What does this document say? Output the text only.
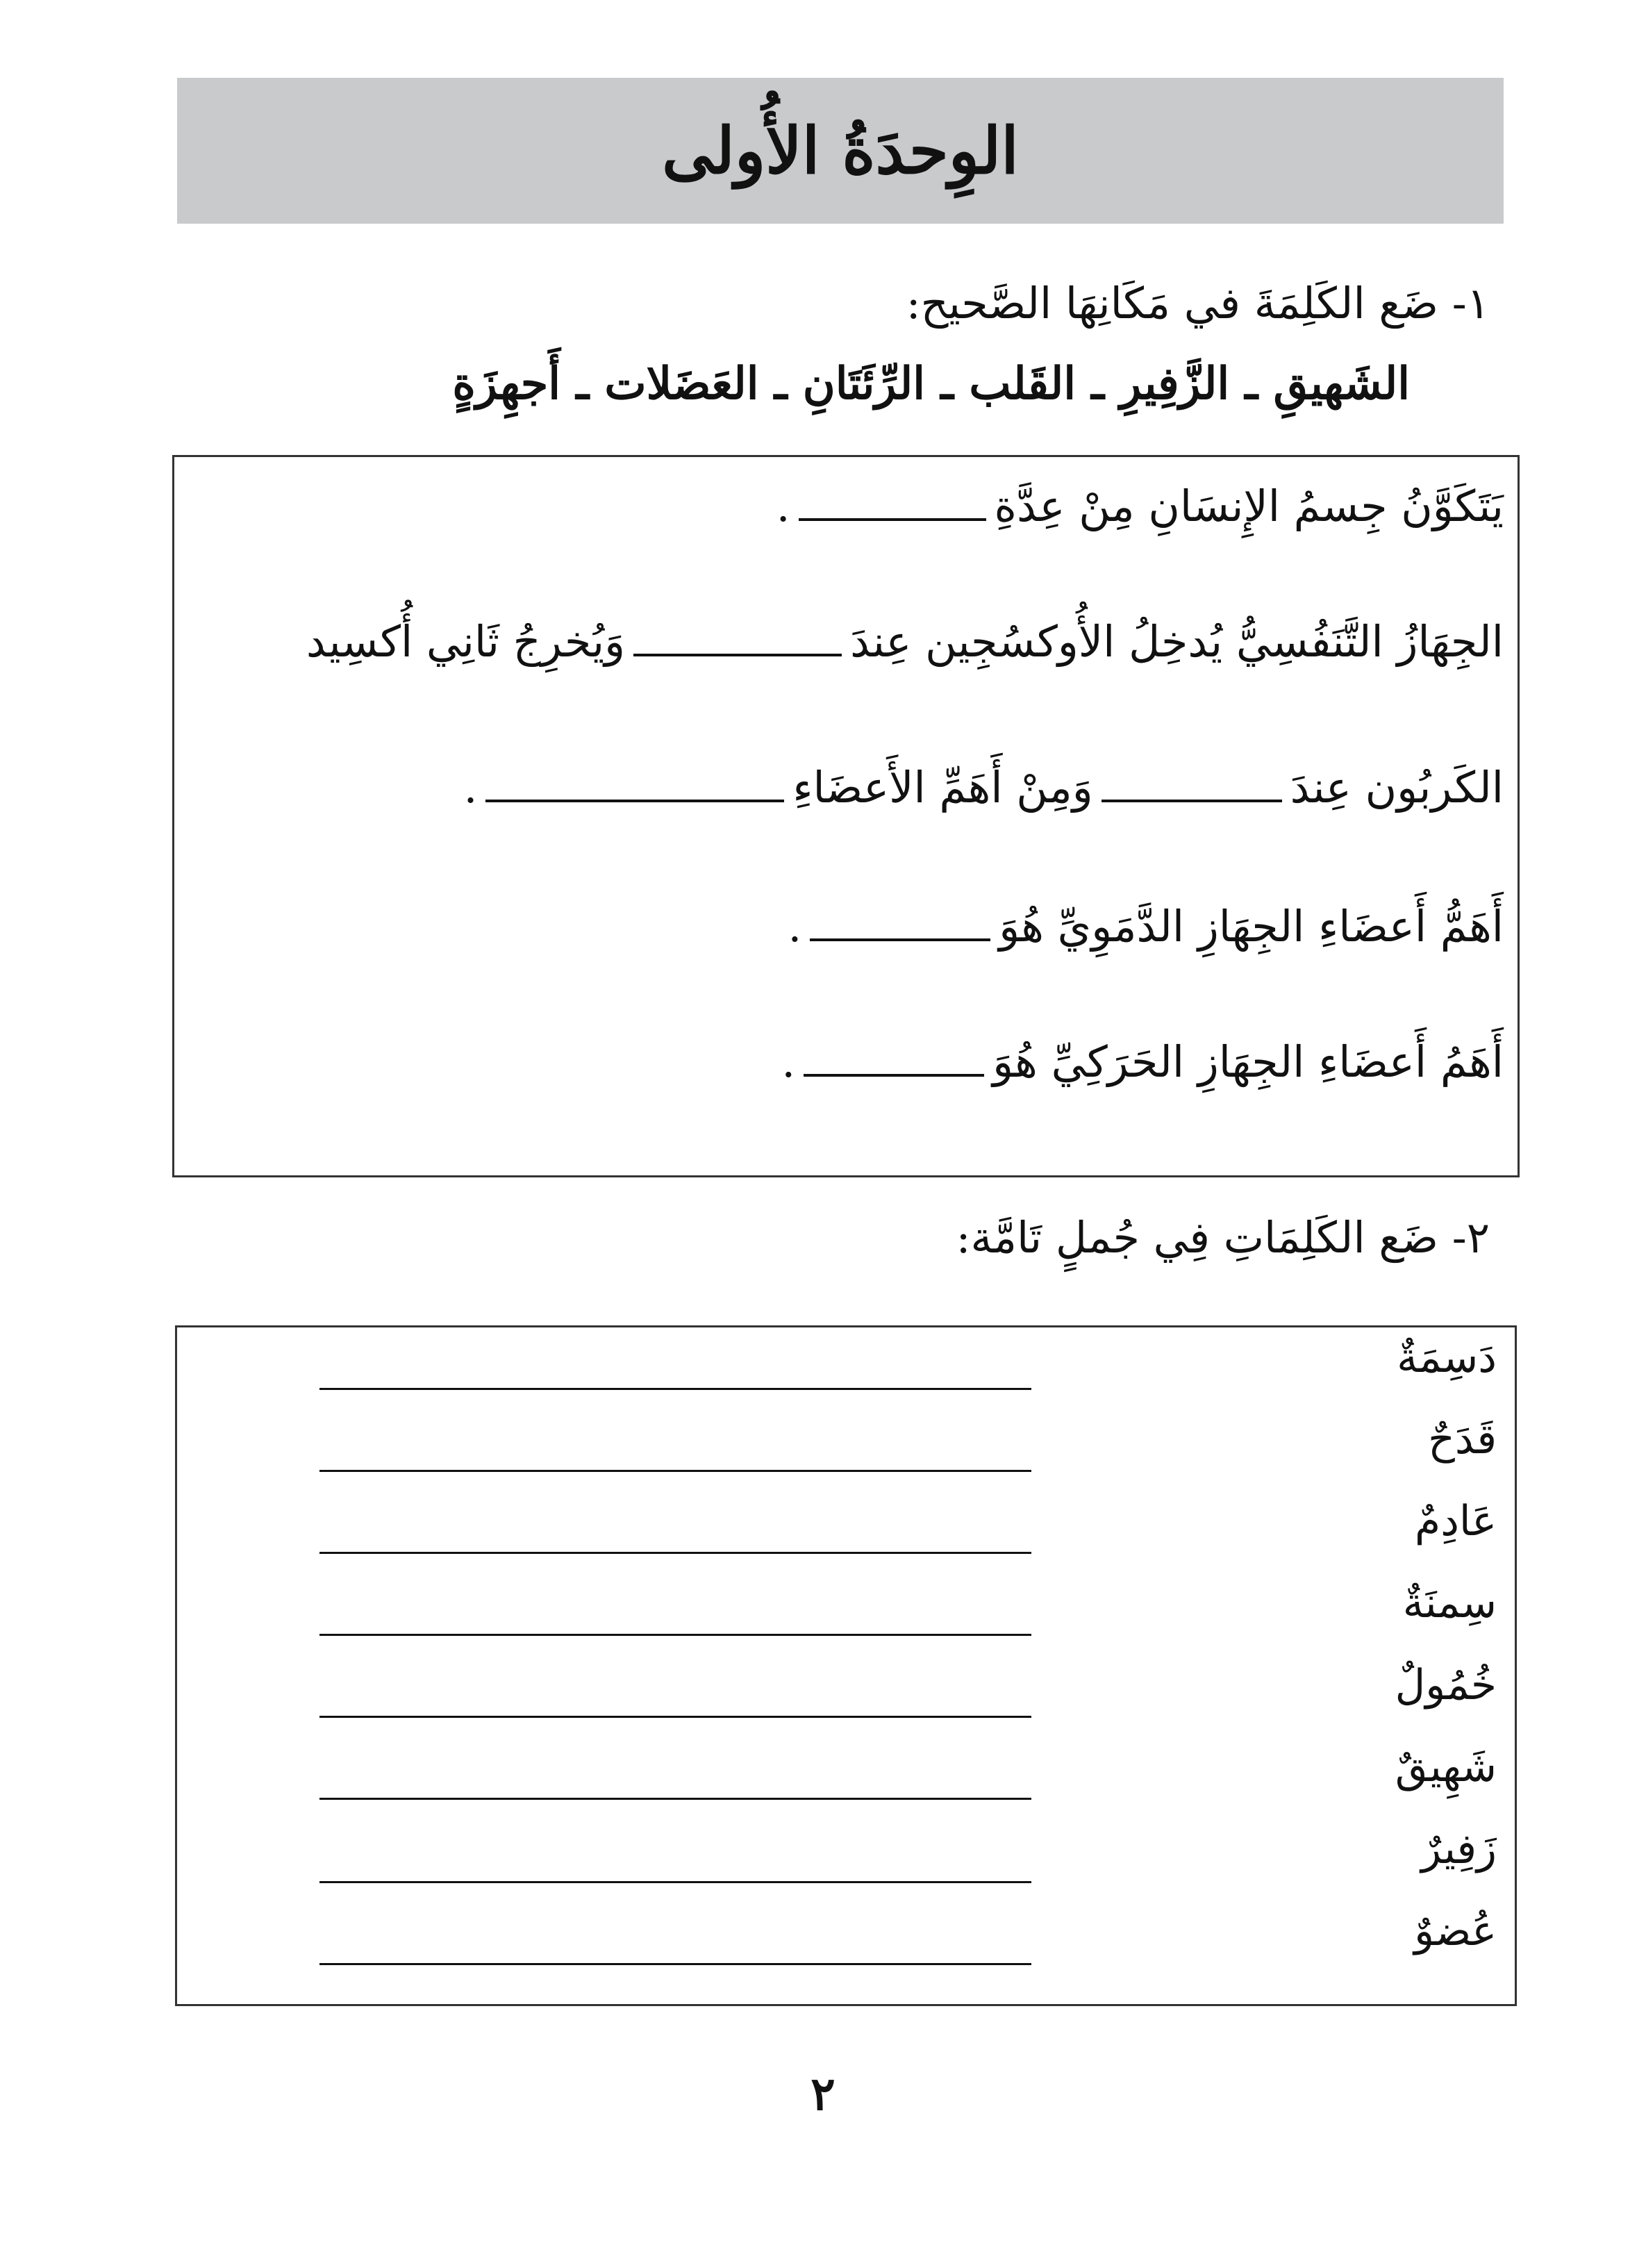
الوِحدَةُ الأُولى
١- ضَع الكَلِمَةَ في مَكَانِهَا الصَّحيح:
الشَهيقِ ـ الزَّفِيرِ ـ القَلب ـ الرِّئَتَانِ ـ العَضَلات ـ أَجهِزَةٍ
يَتَكَوَّنُ جِسمُ الإِنسَانِ مِنْ عِدَّةِ.
الجِهَازُ التَّنَفُسِيُّ يُدخِلُ الأُوكسُجِين عِندَوَيُخرِجُ ثَانِي أُكسِيد
الكَربُون عِندَوَمِنْ أَهَمِّ الأَعضَاءِ.
أَهَمُّ أَعضَاءِ الجِهَازِ الدَّمَوِيِّ هُوَ.
أَهَمُ أَعضَاءِ الجِهَازِ الحَرَكِيِّ هُوَ.
٢- ضَع الكَلِمَاتِ فِي جُملٍ تَامَّة:
دَسِمَةٌ
قَدَحٌ
عَادِمٌ
سِمنَةٌ
خُمُولٌ
شَهِيقٌ
زَفِيرٌ
عُضوٌ
٢
